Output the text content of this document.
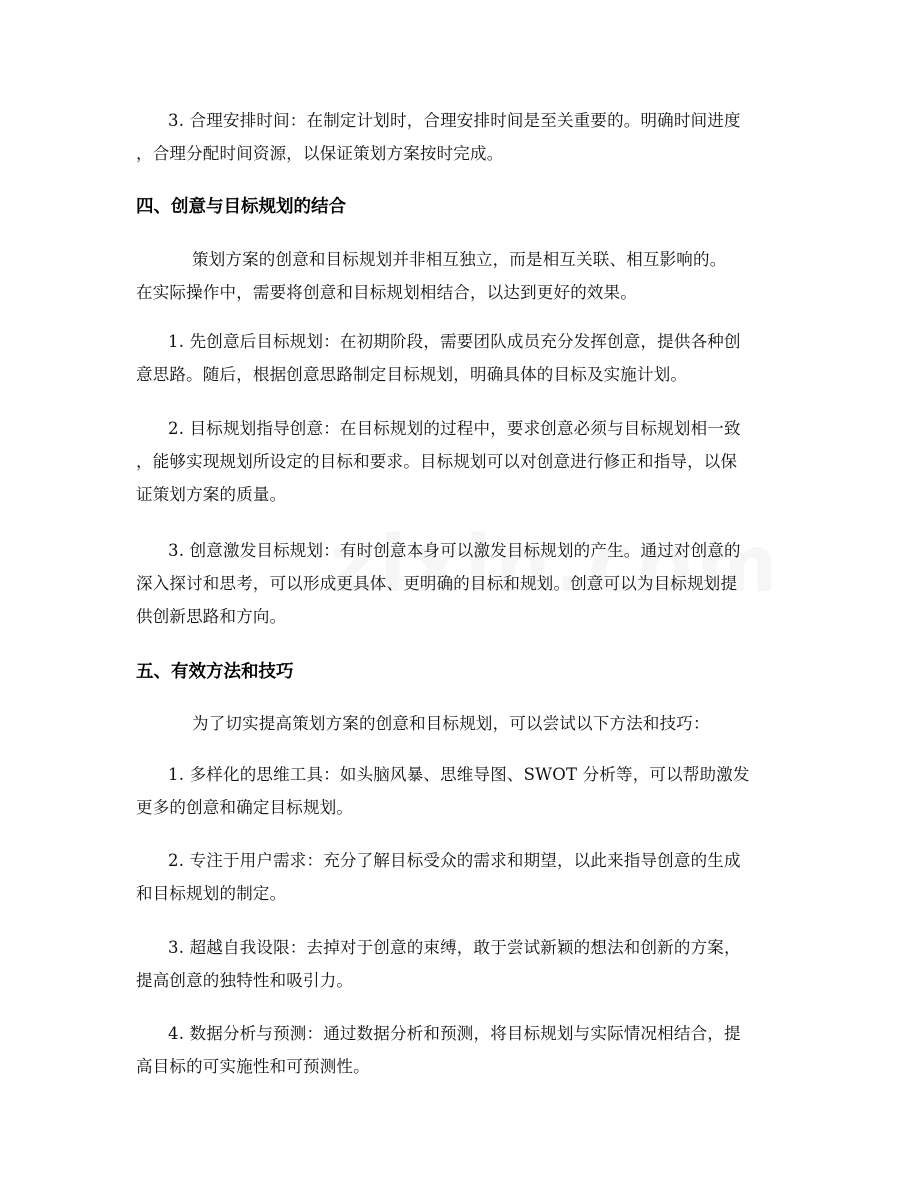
3. 合理安排时间：在制定计划时，合理安排时间是至关重要的。明确时间进度
，合理分配时间资源，以保证策划方案按时完成。
四、创意与目标规划的结合
策划方案的创意和目标规划并非相互独立，而是相互关联、相互影响的。
在实际操作中，需要将创意和目标规划相结合，以达到更好的效果。
1. 先创意后目标规划：在初期阶段，需要团队成员充分发挥创意，提供各种创
意思路。随后，根据创意思路制定目标规划，明确具体的目标及实施计划。
2. 目标规划指导创意：在目标规划的过程中，要求创意必须与目标规划相一致
，能够实现规划所设定的目标和要求。目标规划可以对创意进行修正和指导，以保
证策划方案的质量。
3. 创意激发目标规划：有时创意本身可以激发目标规划的产生。通过对创意的
深入探讨和思考，可以形成更具体、更明确的目标和规划。创意可以为目标规划提
供创新思路和方向。
五、有效方法和技巧
为了切实提高策划方案的创意和目标规划，可以尝试以下方法和技巧：
1. 多样化的思维工具：如头脑风暴、思维导图、SWOT 分析等，可以帮助激发
更多的创意和确定目标规划。
2. 专注于用户需求：充分了解目标受众的需求和期望，以此来指导创意的生成
和目标规划的制定。
3. 超越自我设限：去掉对于创意的束缚，敢于尝试新颖的想法和创新的方案，
提高创意的独特性和吸引力。
4. 数据分析与预测：通过数据分析和预测，将目标规划与实际情况相结合，提
高目标的可实施性和可预测性。
